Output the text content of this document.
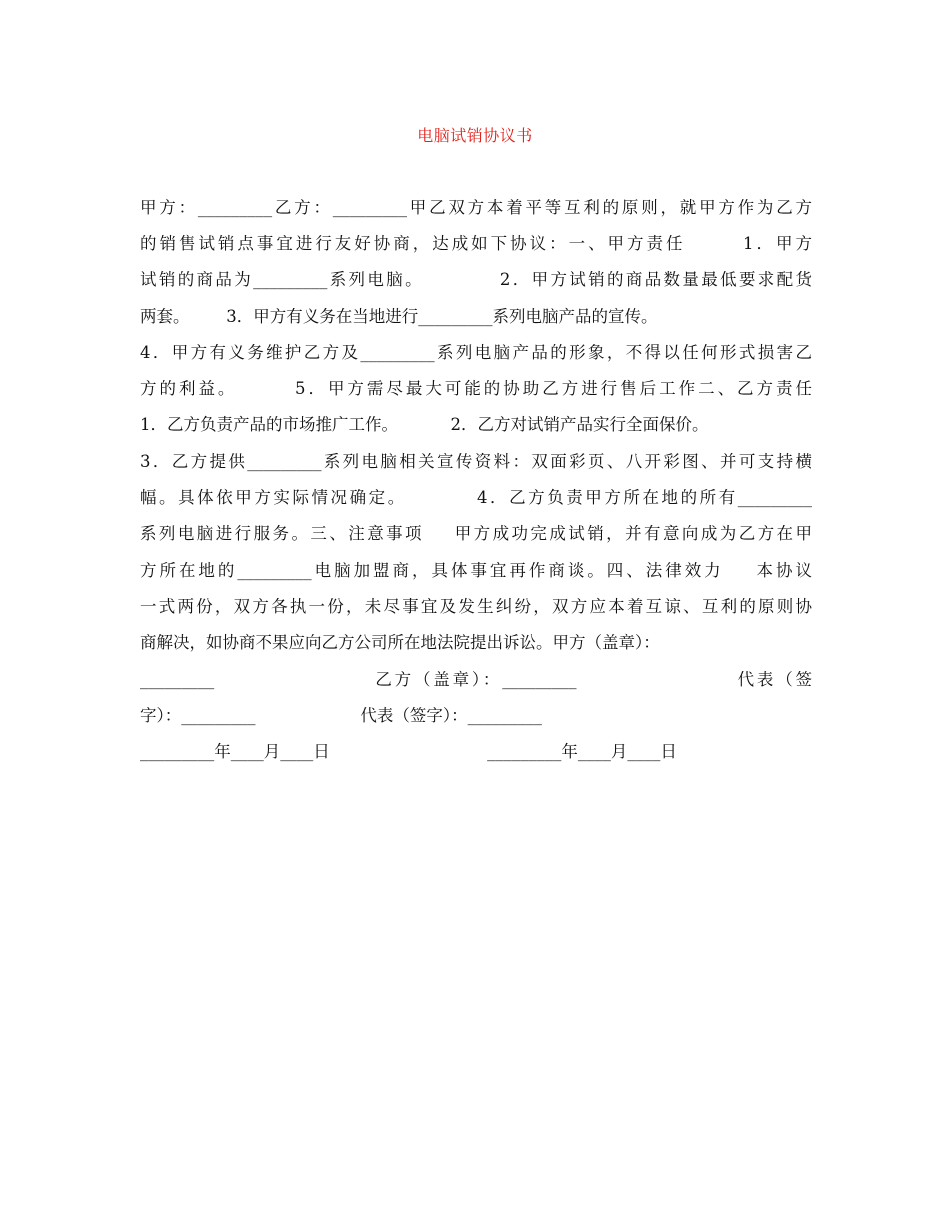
电脑试销协议书
甲方：_________乙方：_________甲乙双方本着平等互利的原则，就甲方作为乙方
的销售试销点事宜进行友好协商，达成如下协议：一、甲方责任       1．甲方
试销的商品为_________系列电脑。          2．甲方试销的商品数量最低要求配货
两套。       3．甲方有义务在当地进行_________系列电脑产品的宣传。
4．甲方有义务维护乙方及_________系列电脑产品的形象，不得以任何形式损害乙
方的利益。       5．甲方需尽最大可能的协助乙方进行售后工作二、乙方责任
1．乙方负责产品的市场推广工作。          2．乙方对试销产品实行全面保价。
3．乙方提供_________系列电脑相关宣传资料：双面彩页、八开彩图、并可支持横
幅。具体依甲方实际情况确定。         4．乙方负责甲方所在地的所有_________
系列电脑进行服务。三、注意事项    甲方成功完成试销，并有意向成为乙方在甲
方所在地的_________电脑加盟商，具体事宜再作商谈。四、法律效力    本协议
一式两份，双方各执一份，未尽事宜及发生纠纷，双方应本着互谅、互利的原则协
商解决，如协商不果应向乙方公司所在地法院提出诉讼。甲方（盖章）：
_________                    乙方（盖章）：_________                    代表（签
字）：_________                    代表（签字）：_________
_________年____月____日                              _________年____月____日
